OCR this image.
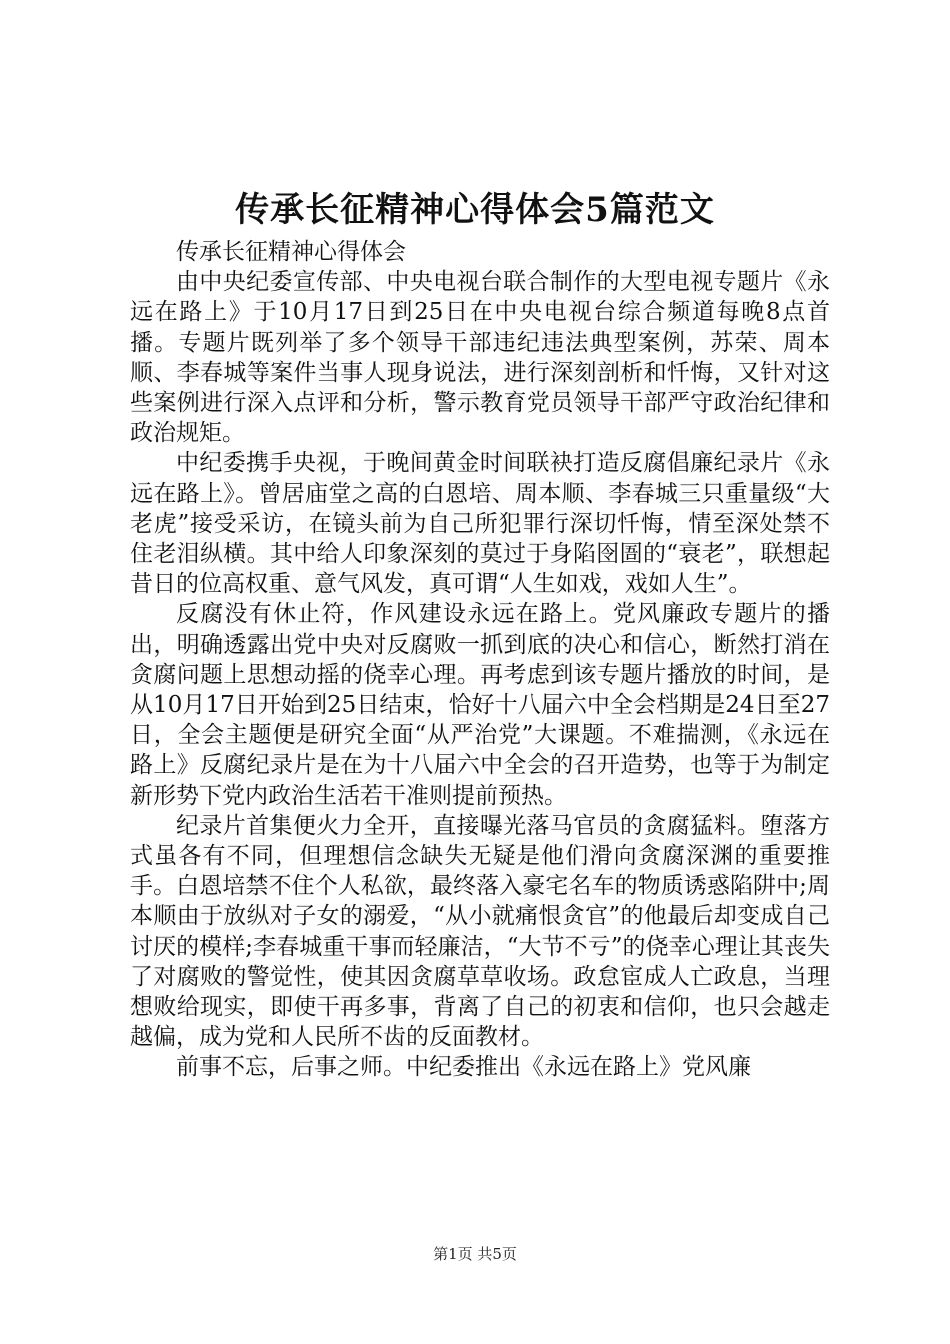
传承长征精神心得体会5篇范文

传承长征精神心得体会

由中央纪委宣传部、中央电视台联合制作的大型电视专题片《永远在路上》于10月17日到25日在中央电视台综合频道每晚8点首播。专题片既列举了多个领导干部违纪违法典型案例，苏荣、周本顺、李春城等案件当事人现身说法，进行深刻剖析和忏悔，又针对这些案例进行深入点评和分析，警示教育党员领导干部严守政治纪律和政治规矩。

中纪委携手央视，于晚间黄金时间联袂打造反腐倡廉纪录片《永远在路上》。曾居庙堂之高的白恩培、周本顺、李春城三只重量级“大老虎”接受采访，在镜头前为自己所犯罪行深切忏悔，情至深处禁不住老泪纵横。其中给人印象深刻的莫过于身陷囹圄的“衰老”，联想起昔日的位高权重、意气风发，真可谓“人生如戏，戏如人生”。

反腐没有休止符，作风建设永远在路上。党风廉政专题片的播出，明确透露出党中央对反腐败一抓到底的决心和信心，断然打消在贪腐问题上思想动摇的侥幸心理。再考虑到该专题片播放的时间，是从10月17日开始到25日结束，恰好十八届六中全会档期是24日至27日，全会主题便是研究全面“从严治党”大课题。不难揣测，《永远在路上》反腐纪录片是在为十八届六中全会的召开造势，也等于为制定新形势下党内政治生活若干准则提前预热。

纪录片首集便火力全开，直接曝光落马官员的贪腐猛料。堕落方式虽各有不同，但理想信念缺失无疑是他们滑向贪腐深渊的重要推手。白恩培禁不住个人私欲，最终落入豪宅名车的物质诱惑陷阱中;周本顺由于放纵对子女的溺爱，“从小就痛恨贪官”的他最后却变成自己讨厌的模样;李春城重干事而轻廉洁，“大节不亏”的侥幸心理让其丧失了对腐败的警觉性，使其因贪腐草草收场。政怠宦成人亡政息，当理想败给现实，即使干再多事，背离了自己的初衷和信仰，也只会越走越偏，成为党和人民所不齿的反面教材。

前事不忘，后事之师。中纪委推出《永远在路上》党风廉

第1页 共5页
